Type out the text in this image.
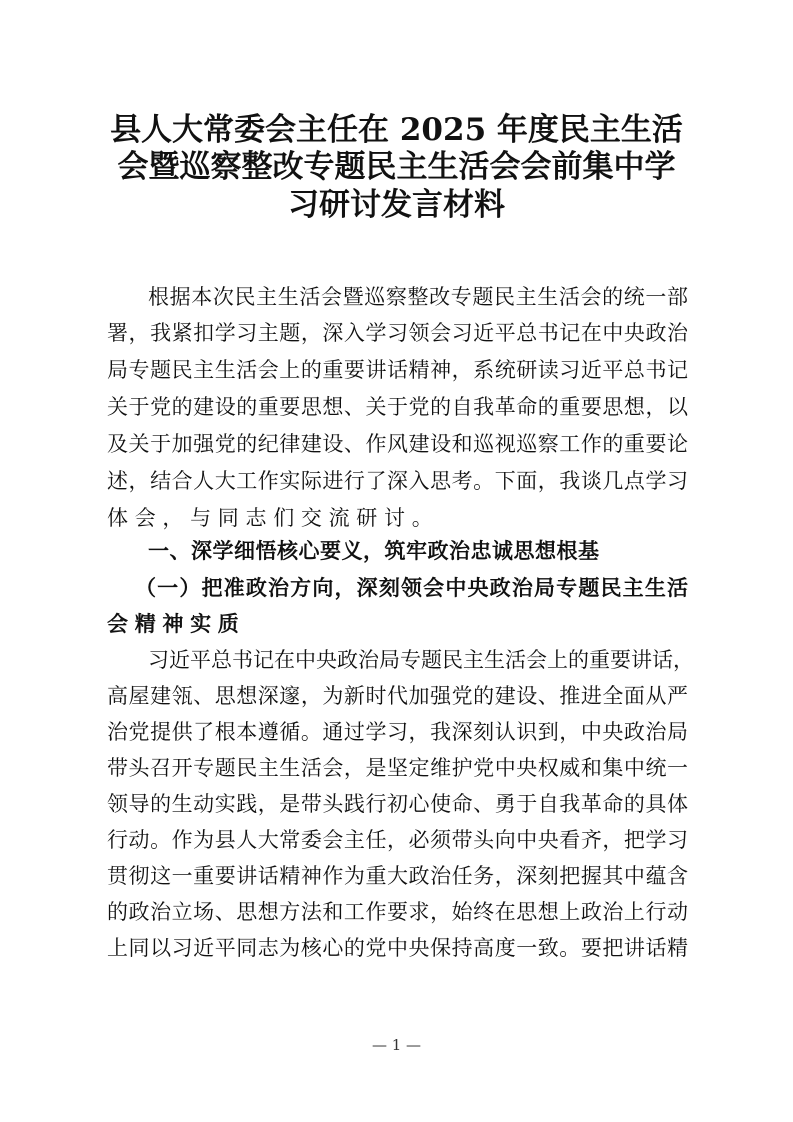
县人大常委会主任在 2025 年度民主生活
会暨巡察整改专题民主生活会会前集中学
习研讨发言材料
根据本次民主生活会暨巡察整改专题民主生活会的统一部
署，我紧扣学习主题，深入学习领会习近平总书记在中央政治
局专题民主生活会上的重要讲话精神，系统研读习近平总书记
关于党的建设的重要思想、关于党的自我革命的重要思想，以
及关于加强党的纪律建设、作风建设和巡视巡察工作的重要论
述，结合人大工作实际进行了深入思考。下面，我谈几点学习
体会，与同志们交流研讨。
一、深学细悟核心要义，筑牢政治忠诚思想根基
（一）把准政治方向，深刻领会中央政治局专题民主生活
会精神实质
习近平总书记在中央政治局专题民主生活会上的重要讲话，
高屋建瓴、思想深邃，为新时代加强党的建设、推进全面从严
治党提供了根本遵循。通过学习，我深刻认识到，中央政治局
带头召开专题民主生活会，是坚定维护党中央权威和集中统一
领导的生动实践，是带头践行初心使命、勇于自我革命的具体
行动。作为县人大常委会主任，必须带头向中央看齐，把学习
贯彻这一重要讲话精神作为重大政治任务，深刻把握其中蕴含
的政治立场、思想方法和工作要求，始终在思想上政治上行动
上同以习近平同志为核心的党中央保持高度一致。要把讲话精
— 1 —
